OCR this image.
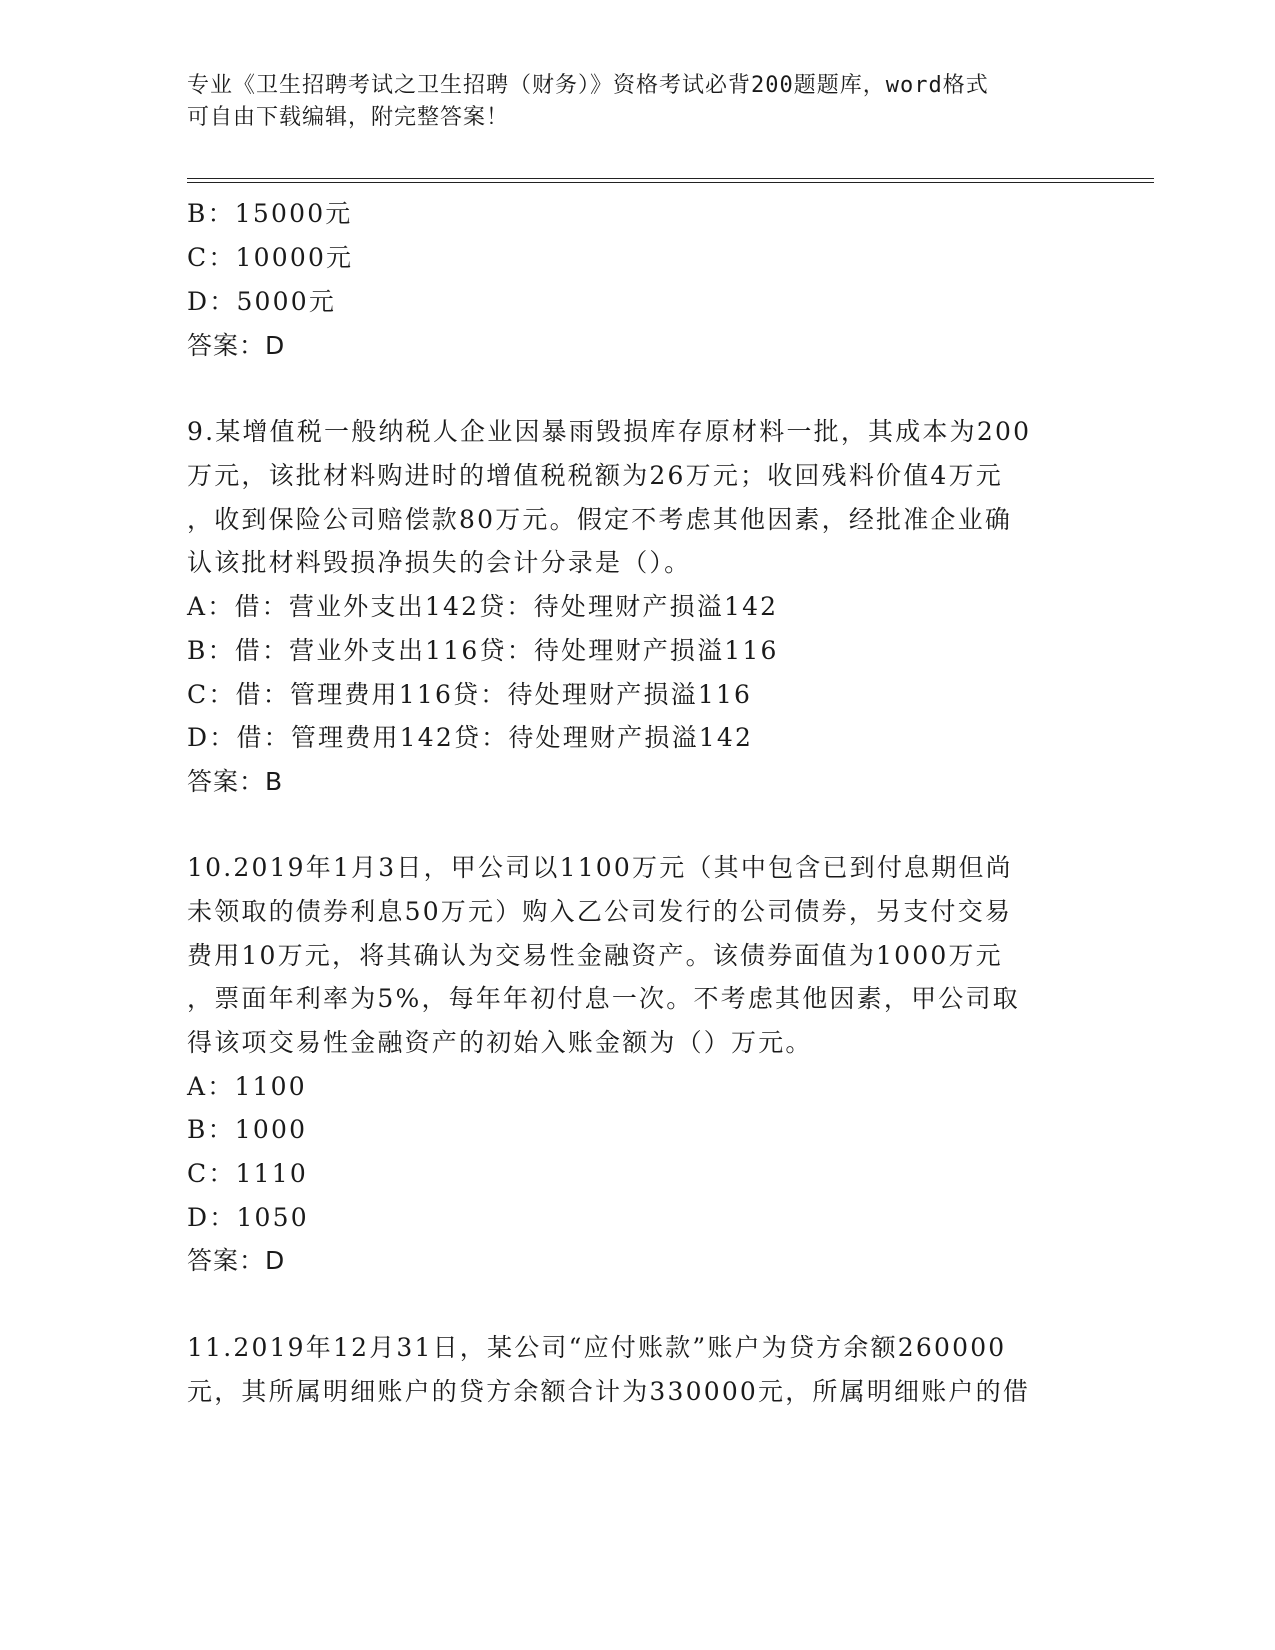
专业《卫生招聘考试之卫生招聘（财务）》资格考试必背200题题库，word格式
可自由下载编辑，附完整答案！
B：15000元
C：10000元
D：5000元
答案：D
9.某增值税一般纳税人企业因暴雨毁损库存原材料一批，其成本为200
万元，该批材料购进时的增值税税额为26万元；收回残料价值4万元
，收到保险公司赔偿款80万元。假定不考虑其他因素，经批准企业确
认该批材料毁损净损失的会计分录是（）。
A：借：营业外支出142贷：待处理财产损溢142
B：借：营业外支出116贷：待处理财产损溢116
C：借：管理费用116贷：待处理财产损溢116
D：借：管理费用142贷：待处理财产损溢142
答案：B
10.2019年1月3日，甲公司以1100万元（其中包含已到付息期但尚
未领取的债券利息50万元）购入乙公司发行的公司债券，另支付交易
费用10万元，将其确认为交易性金融资产。该债券面值为1000万元
，票面年利率为5%，每年年初付息一次。不考虑其他因素，甲公司取
得该项交易性金融资产的初始入账金额为（）万元。
A：1100
B：1000
C：1110
D：1050
答案：D
11.2019年12月31日，某公司“应付账款”账户为贷方余额260000
元，其所属明细账户的贷方余额合计为330000元，所属明细账户的借
